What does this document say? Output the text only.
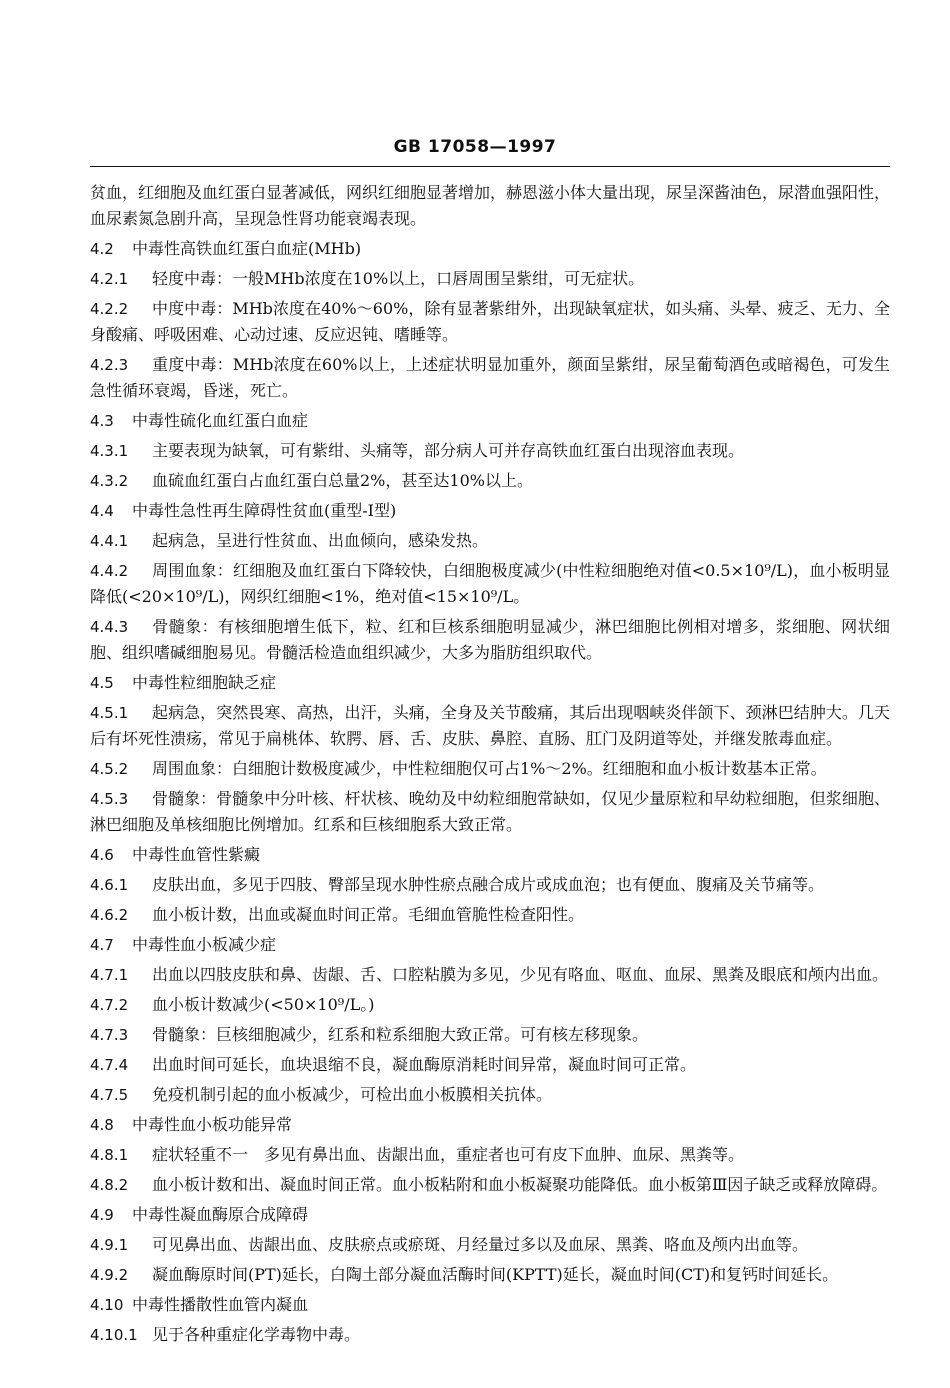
GB 17058—1997
贫血，红细胞及血红蛋白显著减低，网织红细胞显著增加，赫恩滋小体大量出现，尿呈深酱油色，尿潜血强阳性，血尿素氮急剧升高，呈现急性肾功能衰竭表现。
4.2 中毒性高铁血红蛋白血症(MHb)
4.2.1 轻度中毒：一般MHb浓度在10%以上，口唇周围呈紫绀，可无症状。
4.2.2 中度中毒：MHb浓度在40%～60%，除有显著紫绀外，出现缺氧症状，如头痛、头晕、疲乏、无力、全身酸痛、呼吸困难、心动过速、反应迟钝、嗜睡等。
4.2.3 重度中毒：MHb浓度在60%以上，上述症状明显加重外，颜面呈紫绀，尿呈葡萄酒色或暗褐色，可发生急性循环衰竭，昏迷，死亡。
4.3 中毒性硫化血红蛋白血症
4.3.1 主要表现为缺氧，可有紫绀、头痛等，部分病人可并存高铁血红蛋白出现溶血表现。
4.3.2 血硫血红蛋白占血红蛋白总量2%，甚至达10%以上。
4.4 中毒性急性再生障碍性贫血(重型-I型)
4.4.1 起病急，呈进行性贫血、出血倾向，感染发热。
4.4.2 周围血象：红细胞及血红蛋白下降较快，白细胞极度减少(中性粒细胞绝对值<0.5×10⁹/L)，血小板明显降低(<20×10⁹/L)，网织红细胞<1%，绝对值<15×10⁹/L。
4.4.3 骨髓象：有核细胞增生低下，粒、红和巨核系细胞明显减少，淋巴细胞比例相对增多，浆细胞、网状细胞、组织嗜碱细胞易见。骨髓活检造血组织减少，大多为脂肪组织取代。
4.5 中毒性粒细胞缺乏症
4.5.1 起病急，突然畏寒、高热，出汗，头痛，全身及关节酸痛，其后出现咽峡炎伴颌下、颈淋巴结肿大。几天后有坏死性溃疡，常见于扁桃体、软腭、唇、舌、皮肤、鼻腔、直肠、肛门及阴道等处，并继发脓毒血症。
4.5.2 周围血象：白细胞计数极度减少，中性粒细胞仅可占1%～2%。红细胞和血小板计数基本正常。
4.5.3 骨髓象：骨髓象中分叶核、杆状核、晚幼及中幼粒细胞常缺如，仅见少量原粒和早幼粒细胞，但浆细胞、淋巴细胞及单核细胞比例增加。红系和巨核细胞系大致正常。
4.6 中毒性血管性紫癜
4.6.1 皮肤出血，多见于四肢、臀部呈现水肿性瘀点融合成片或成血泡；也有便血、腹痛及关节痛等。
4.6.2 血小板计数，出血或凝血时间正常。毛细血管脆性检查阳性。
4.7 中毒性血小板减少症
4.7.1 出血以四肢皮肤和鼻、齿龈、舌、口腔粘膜为多见，少见有咯血、呕血、血尿、黑粪及眼底和颅内出血。
4.7.2 血小板计数减少(<50×10⁹/L。)
4.7.3 骨髓象：巨核细胞减少，红系和粒系细胞大致正常。可有核左移现象。
4.7.4 出血时间可延长，血块退缩不良，凝血酶原消耗时间异常，凝血时间可正常。
4.7.5 免疫机制引起的血小板减少，可检出血小板膜相关抗体。
4.8 中毒性血小板功能异常
4.8.1 症状轻重不一　多见有鼻出血、齿龈出血，重症者也可有皮下血肿、血尿、黑粪等。
4.8.2 血小板计数和出、凝血时间正常。血小板粘附和血小板凝聚功能降低。血小板第Ⅲ因子缺乏或释放障碍。
4.9 中毒性凝血酶原合成障碍
4.9.1 可见鼻出血、齿龈出血、皮肤瘀点或瘀斑、月经量过多以及血尿、黑粪、咯血及颅内出血等。
4.9.2 凝血酶原时间(PT)延长，白陶土部分凝血活酶时间(KPTT)延长，凝血时间(CT)和复钙时间延长。
4.10 中毒性播散性血管内凝血
4.10.1 见于各种重症化学毒物中毒。
